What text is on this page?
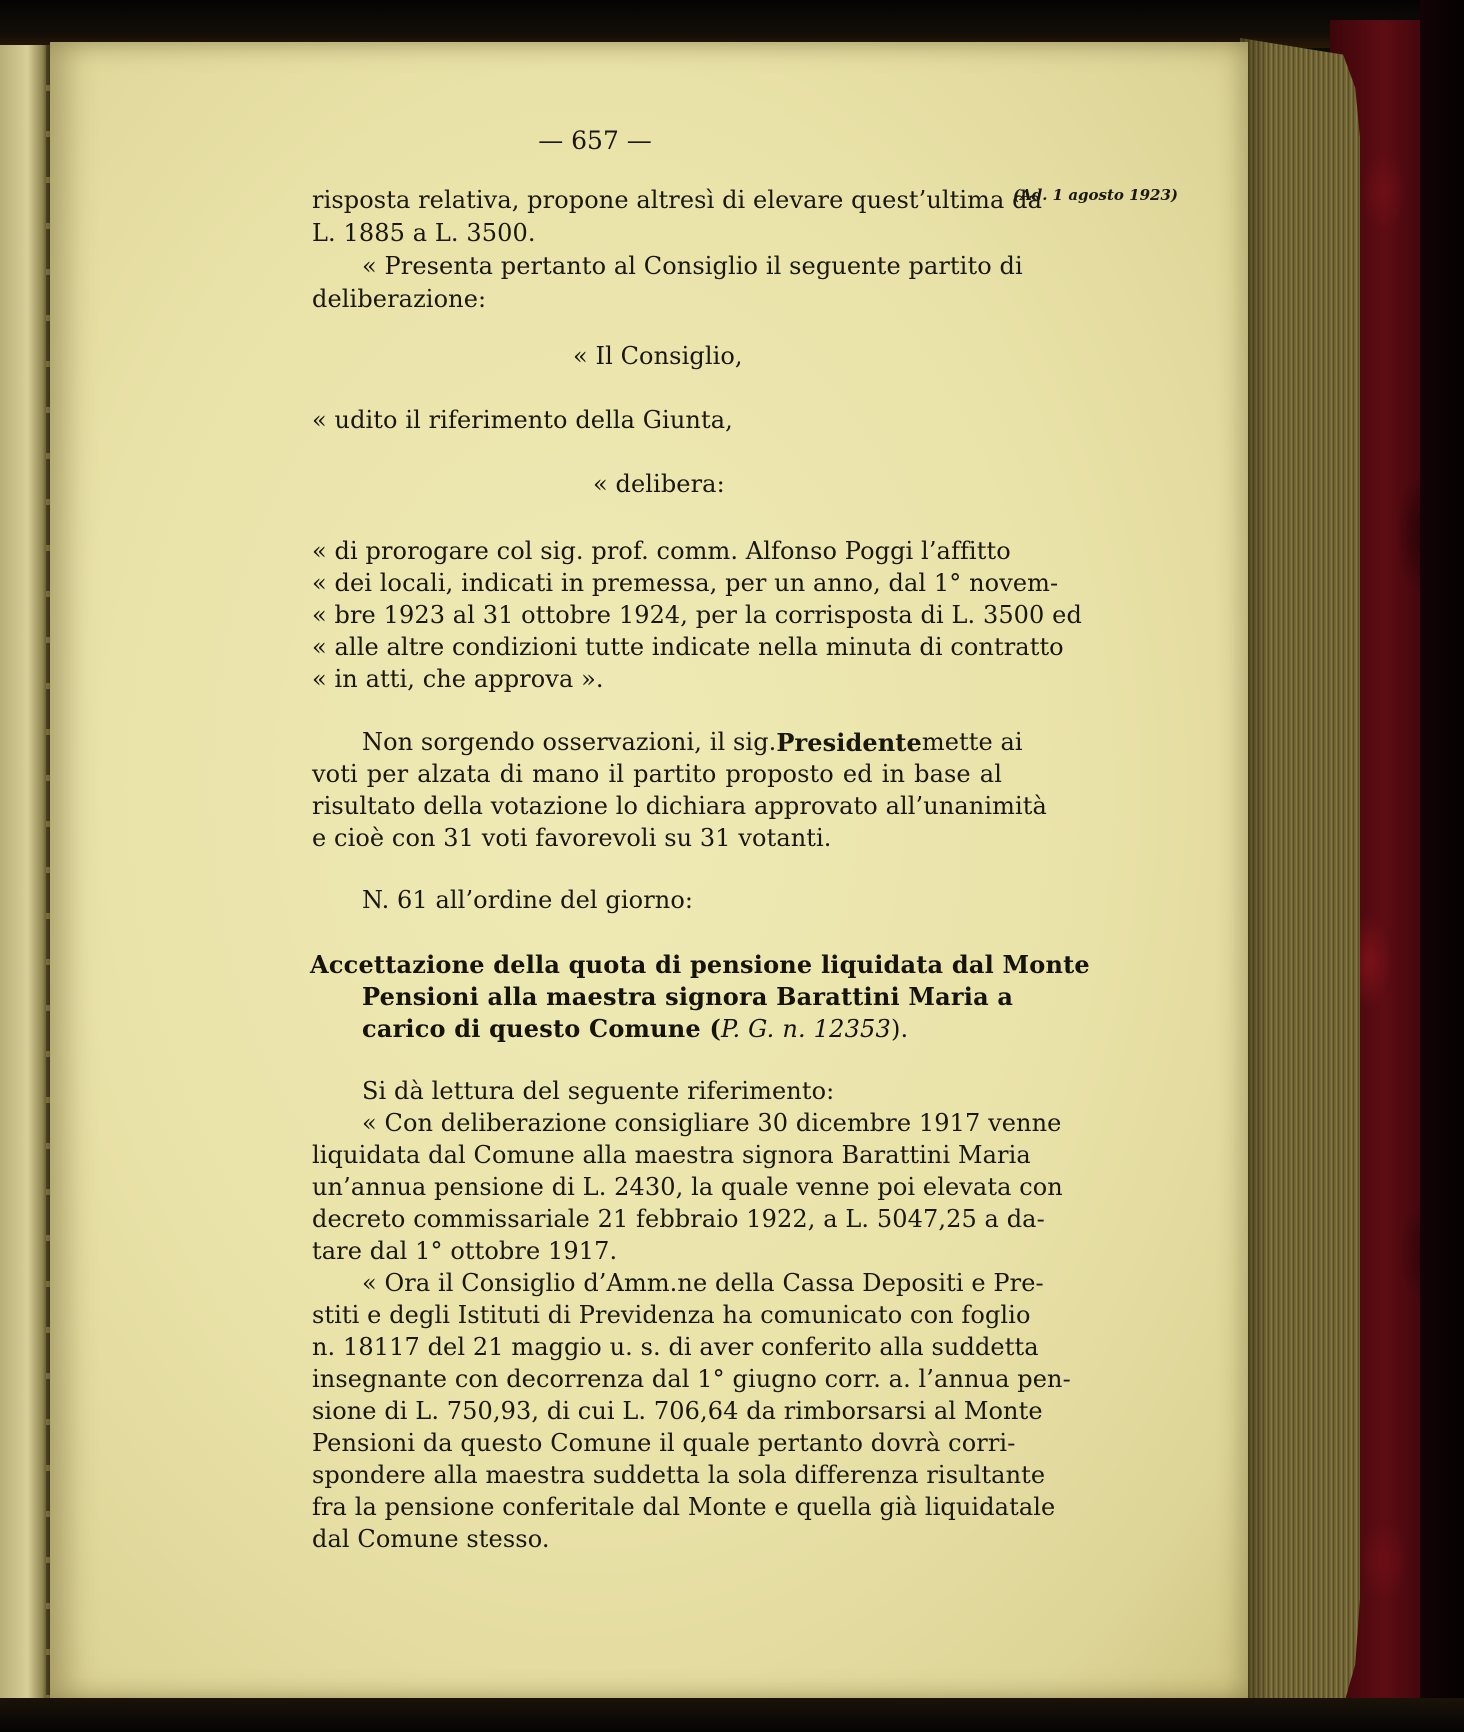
— 657 —
(Ad. 1 agosto 1923)
risposta relativa, propone altresì di elevare quest’ultima da
L. 1885 a L. 3500.
« Presenta pertanto al Consiglio il seguente partito di
deliberazione:
« Il Consiglio,
« udito il riferimento della Giunta,
« delibera:
« di prorogare col sig. prof. comm. Alfonso Poggi l’affitto
« dei locali, indicati in premessa, per un anno, dal 1° novem-
« bre 1923 al 31 ottobre 1924, per la corrisposta di L. 3500 ed
« alle altre condizioni tutte indicate nella minuta di contratto
« in atti, che approva ».
Non sorgendo osservazioni, il sig. Presidente mette ai
voti per alzata di mano il partito proposto ed in base al
risultato della votazione lo dichiara approvato all’unanimità
e cioè con 31 voti favorevoli su 31 votanti.
N. 61 all’ordine del giorno:
Accettazione della quota di pensione liquidata dal Monte
Pensioni alla maestra signora Barattini Maria a
carico di questo Comune (P. G. n. 12353).
Si dà lettura del seguente riferimento:
« Con deliberazione consigliare 30 dicembre 1917 venne
liquidata dal Comune alla maestra signora Barattini Maria
un’annua pensione di L. 2430, la quale venne poi elevata con
decreto commissariale 21 febbraio 1922, a L. 5047,25 a da-
tare dal 1° ottobre 1917.
« Ora il Consiglio d’Amm.ne della Cassa Depositi e Pre-
stiti e degli Istituti di Previdenza ha comunicato con foglio
n. 18117 del 21 maggio u. s. di aver conferito alla suddetta
insegnante con decorrenza dal 1° giugno corr. a. l’annua pen-
sione di L. 750,93, di cui L. 706,64 da rimborsarsi al Monte
Pensioni da questo Comune il quale pertanto dovrà corri-
spondere alla maestra suddetta la sola differenza risultante
fra la pensione conferitale dal Monte e quella già liquidatale
dal Comune stesso.
